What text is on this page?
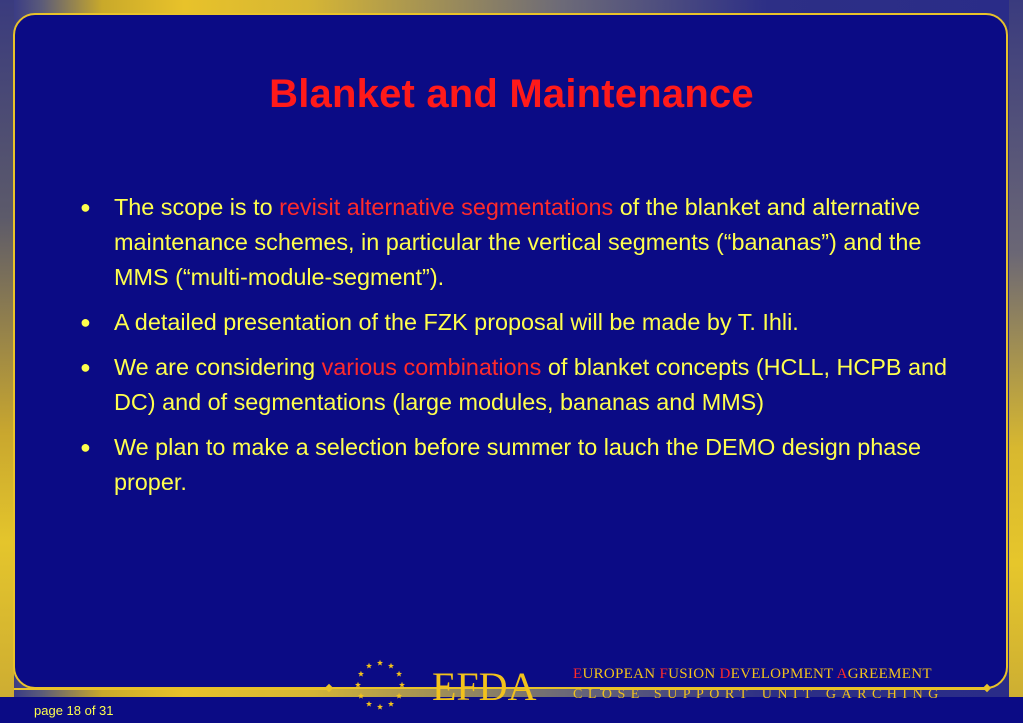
Blanket and Maintenance
● The scope is to revisit alternative segmentations of the blanket and alternative maintenance schemes, in particular the vertical segments (“bananas”) and the MMS (“multi-module-segment”).
● A detailed presentation of the FZK proposal will be made by T. Ihli.
● We are considering various combinations of blanket concepts (HCLL, HCPB and DC) and of segmentations (large modules, bananas and MMS)
● We plan to make a selection before summer to lauch the DEMO design phase proper.
page 18 of 31
EFDA EUROPEAN FUSION DEVELOPMENT AGREEMENT
CLOSE SUPPORT UNIT GARCHING
